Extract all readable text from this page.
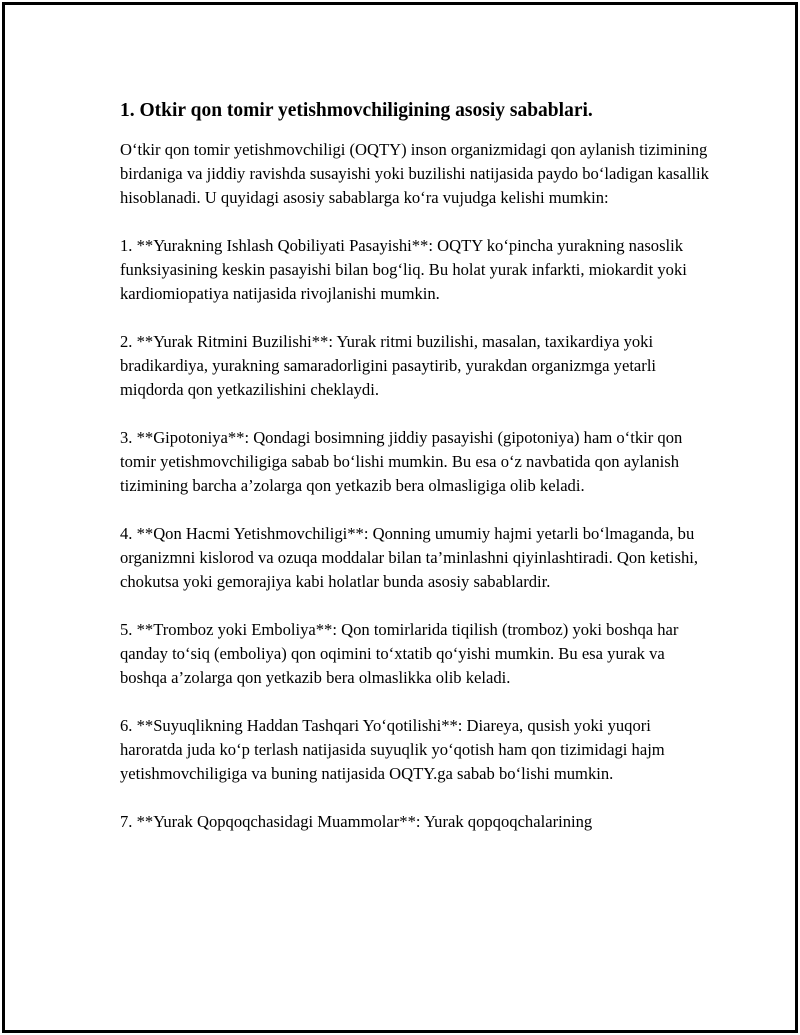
1. Otkir qon tomir yetishmovchiligining asosiy sabablari.

O‘tkir qon tomir yetishmovchiligi (OQTY) inson organizmidagi qon aylanish tizimining birdaniga va jiddiy ravishda susayishi yoki buzilishi natijasida paydo bo‘ladigan kasallik hisoblanadi. U quyidagi asosiy sabablarga ko‘ra vujudga kelishi mumkin:

1. **Yurakning Ishlash Qobiliyati Pasayishi**: OQTY ko‘pincha yurakning nasoslik funksiyasining keskin pasayishi bilan bog‘liq. Bu holat yurak infarkti, miokardit yoki kardiomiopatiya natijasida rivojlanishi mumkin.

2. **Yurak Ritmini Buzilishi**: Yurak ritmi buzilishi, masalan, taxikardiya yoki bradikardiya, yurakning samaradorligini pasaytirib, yurakdan organizmga yetarli miqdorda qon yetkazilishini cheklaydi.

3. **Gipotoniya**: Qondagi bosimning jiddiy pasayishi (gipotoniya) ham o‘tkir qon tomir yetishmovchiligiga sabab bo‘lishi mumkin. Bu esa o‘z navbatida qon aylanish tizimining barcha a’zolarga qon yetkazib bera olmasligiga olib keladi.

4. **Qon Hacmi Yetishmovchiligi**: Qonning umumiy hajmi yetarli bo‘lmaganda, bu organizmni kislorod va ozuqa moddalar bilan ta’minlashni qiyinlashtiradi. Qon ketishi, chokutsa yoki gemorajiya kabi holatlar bunda asosiy sabablardir.

5. **Tromboz yoki Emboliya**: Qon tomirlarida tiqilish (tromboz) yoki boshqa har qanday to‘siq (emboliya) qon oqimini to‘xtatib qo‘yishi mumkin. Bu esa yurak va boshqa a’zolarga qon yetkazib bera olmaslikka olib keladi.

6. **Suyuqlikning Haddan Tashqari Yo‘qotilishi**: Diareya, qusish yoki yuqori haroratda juda ko‘p terlash natijasida suyuqlik yo‘qotish ham qon tizimidagi hajm yetishmovchiligiga va buning natijasida OQTY.ga sabab bo‘lishi mumkin.

7. **Yurak Qopqoqchasidagi Muammolar**: Yurak qopqoqchalarining
